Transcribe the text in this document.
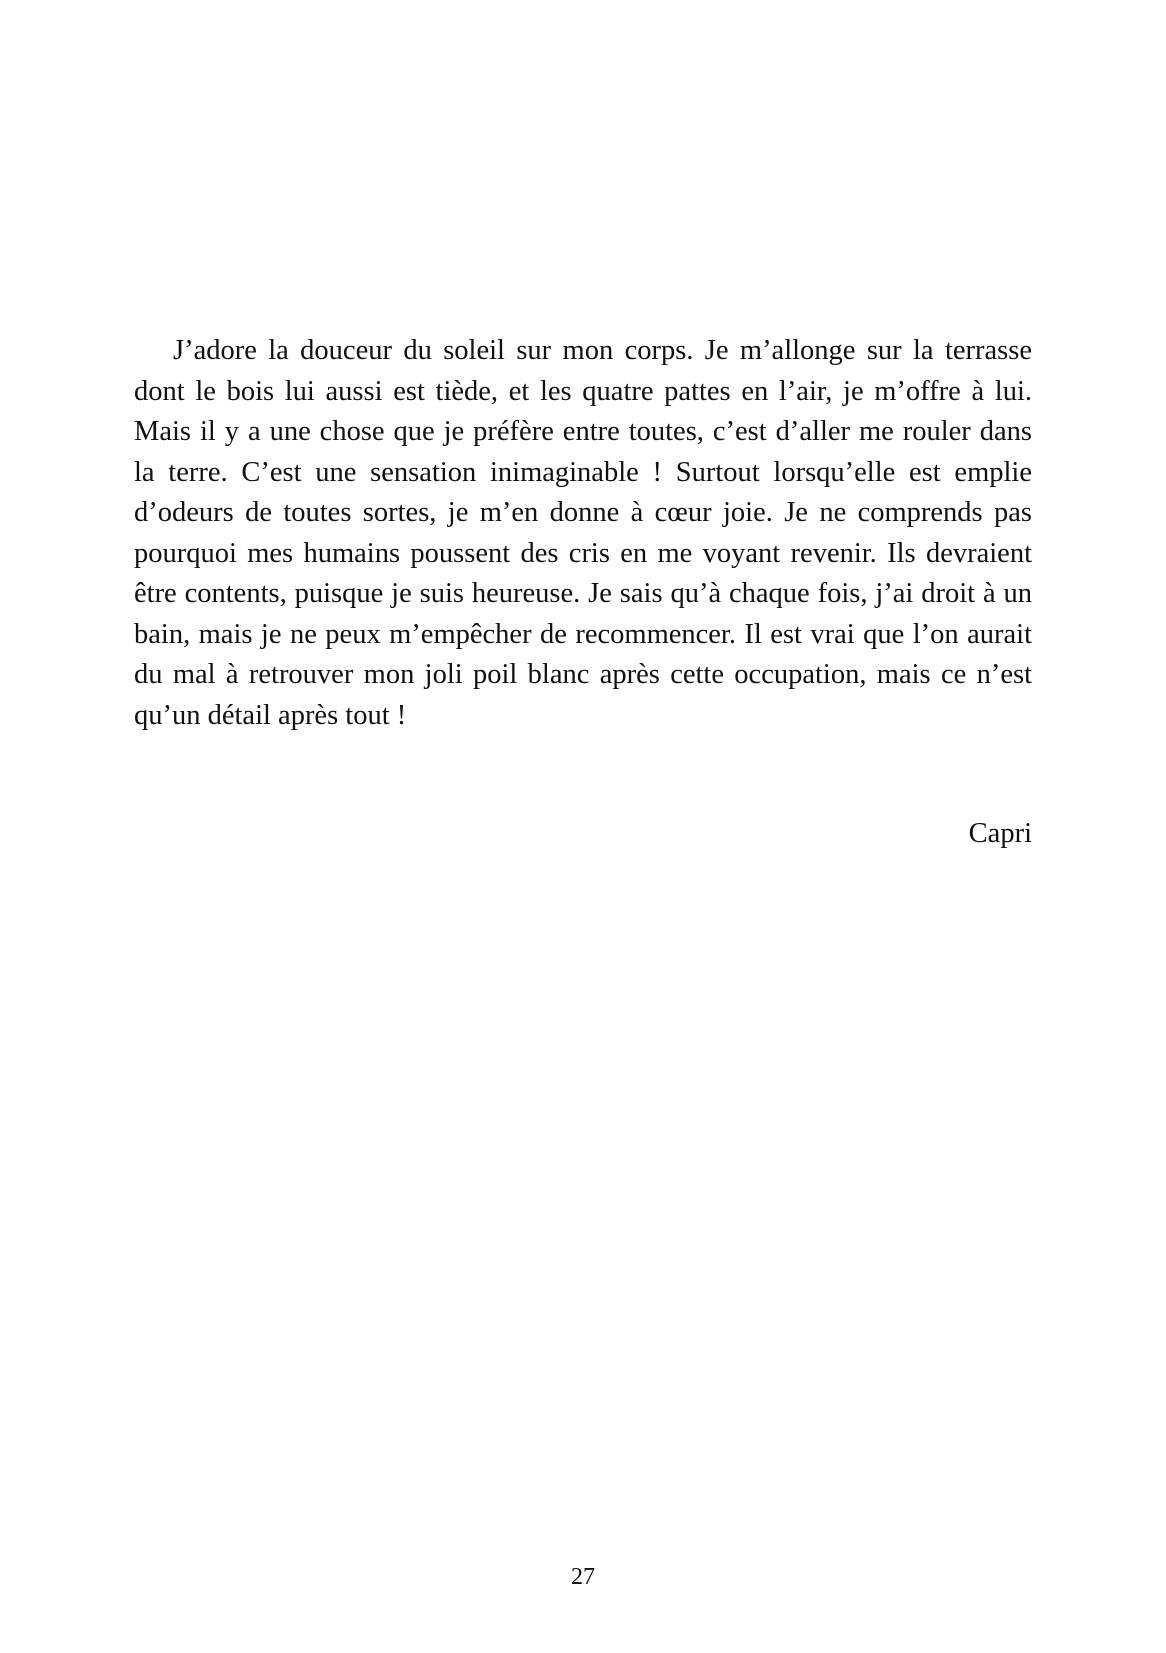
J’adore la douceur du soleil sur mon corps. Je m’allonge sur la terrasse dont le bois lui aussi est tiède, et les quatre pattes en l’air, je m’offre à lui. Mais il y a une chose que je préfère entre toutes, c’est d’aller me rouler dans la terre. C’est une sensation inimaginable ! Surtout lorsqu’elle est emplie d’odeurs de toutes sortes, je m’en donne à cœur joie. Je ne comprends pas pourquoi mes humains poussent des cris en me voyant revenir. Ils devraient être contents, puisque je suis heureuse. Je sais qu’à chaque fois, j’ai droit à un bain, mais je ne peux m’empêcher de recommencer. Il est vrai que l’on aurait du mal à retrouver mon joli poil blanc après cette occupation, mais ce n’est qu’un détail après tout !

Capri

27
